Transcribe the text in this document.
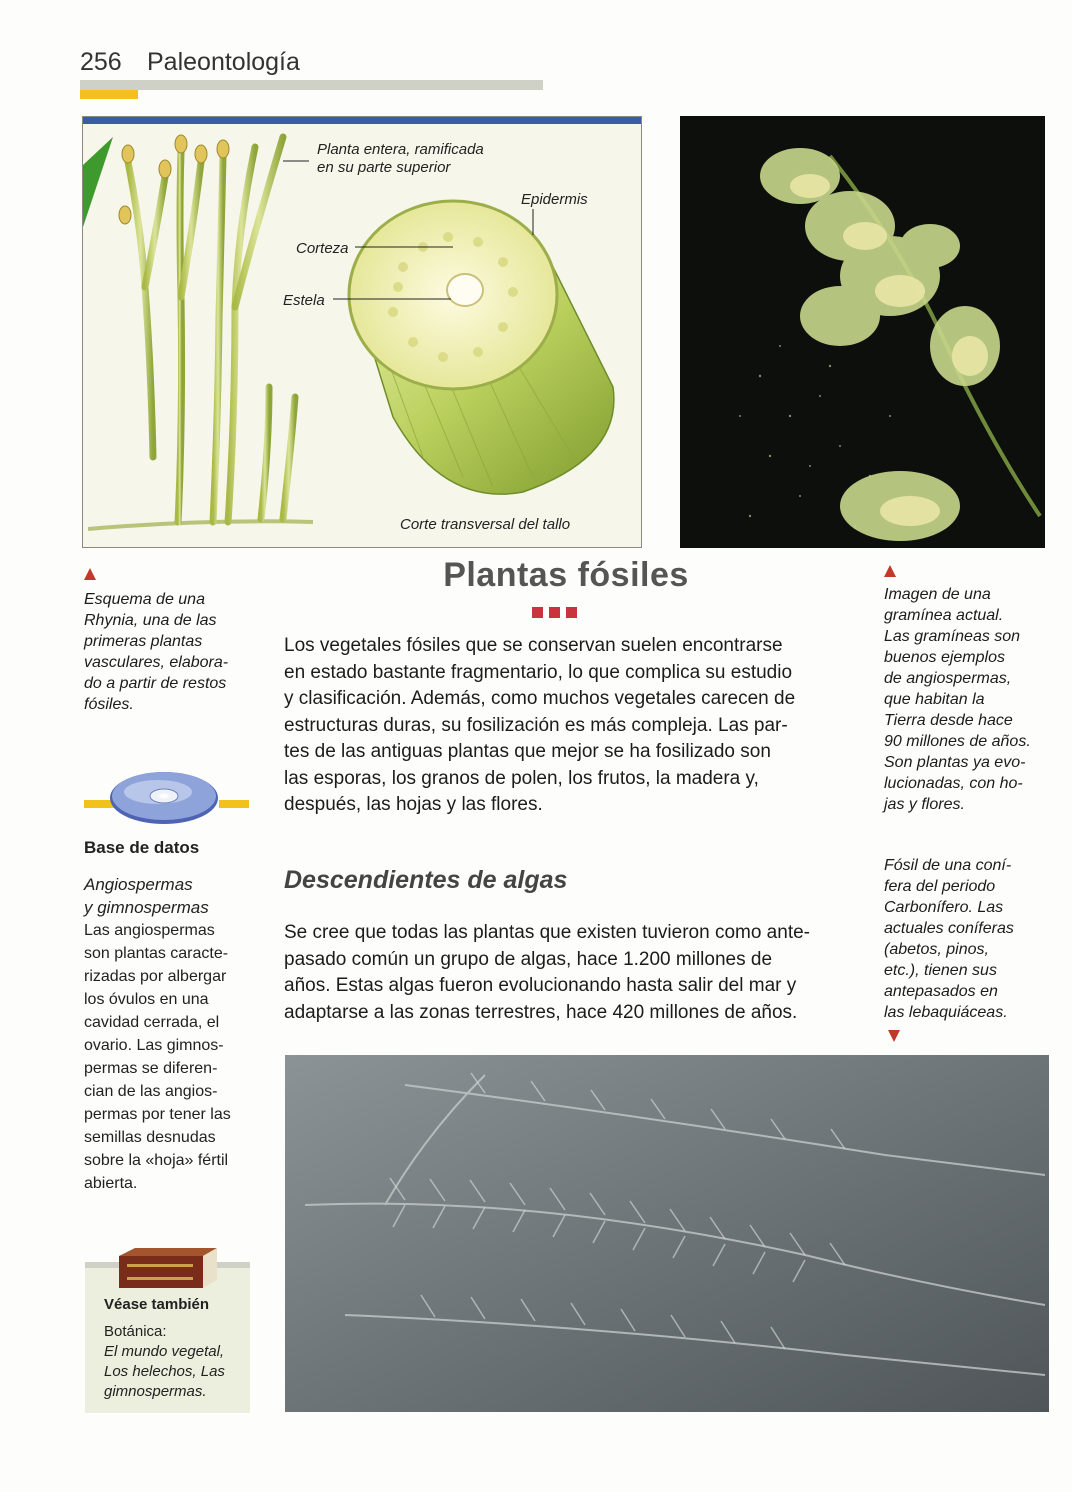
256 Paleontología
Planta entera, ramificada
en su parte superior
Epidermis
Corteza
Estela
Corte transversal del tallo
Esquema de una
Rhynia, una de las
primeras plantas
vasculares, elabora-
do a partir de restos
fósiles.
Imagen de una
gramínea actual.
Las gramíneas son
buenos ejemplos
de angiospermas,
que habitan la
Tierra desde hace
90 millones de años.
Son plantas ya evo-
lucionadas, con ho-
jas y flores.
Fósil de una coní-
fera del periodo
Carbonífero. Las
actuales coníferas
(abetos, pinos,
etc.), tienen sus
antepasados en
las lebaquiáceas.
Plantas fósiles
Los vegetales fósiles que se conservan suelen encontrarse
en estado bastante fragmentario, lo que complica su estudio
y clasificación. Además, como muchos vegetales carecen de
estructuras duras, su fosilización es más compleja. Las par-
tes de las antiguas plantas que mejor se ha fosilizado son
las esporas, los granos de polen, los frutos, la madera y,
después, las hojas y las flores.
Descendientes de algas
Se cree que todas las plantas que existen tuvieron como ante-
pasado común un grupo de algas, hace 1.200 millones de
años. Estas algas fueron evolucionando hasta salir del mar y
adaptarse a las zonas terrestres, hace 420 millones de años.
Base de datos
Angiospermas
y gimnospermas
Las angiospermas
son plantas caracte-
rizadas por albergar
los óvulos en una
cavidad cerrada, el
ovario. Las gimnos-
permas se diferen-
cian de las angios-
permas por tener las
semillas desnudas
sobre la «hoja» fértil
abierta.
Véase también
Botánica:
El mundo vegetal,
Los helechos, Las
gimnospermas.
